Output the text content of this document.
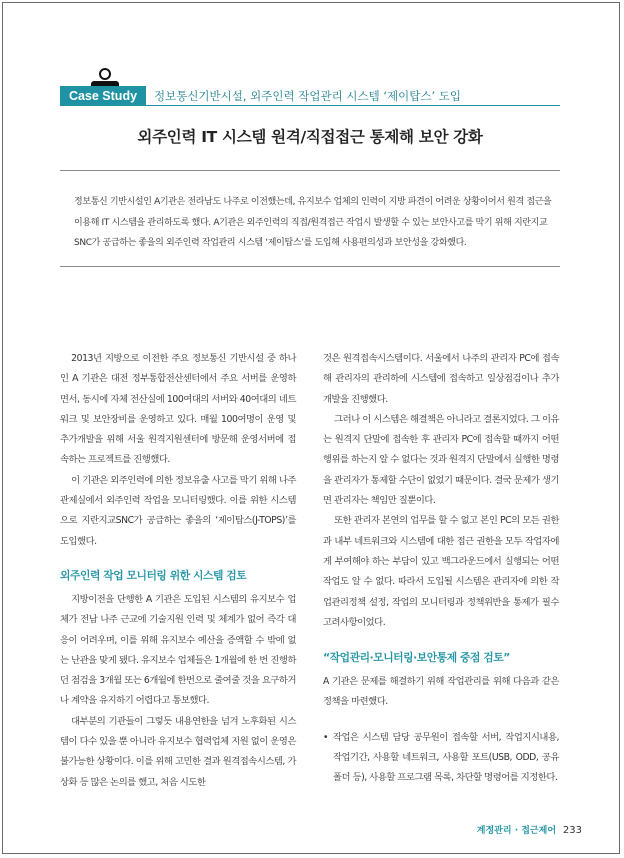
Case Study	정보통신기반시설, 외주인력 작업관리 시스템 ‘제이탑스’ 도입
외주인력 IT 시스템 원격/직접접근 통제해 보안 강화
정보통신 기반시설인 A기관은 전라남도 나주로 이전했는데, 유지보수 업체의 인력이 지방 파견이 어려운 상황이어서 원격 접근을 이용해 IT 시스템을 관리하도록 했다. A기관은 외주인력의 직접/원격접근 작업시 발생할 수 있는 보안사고를 막기 위해 지란지교SNC가 공급하는 좋을의 외주인력 작업관리 시스템 ‘제이탑스’를 도입해 사용편의성과 보안성을 강화했다.

2013년 지방으로 이전한 주요 정보통신 기반시설 중 하나인 A 기관은 대전 정부통합전산센터에서 주요 서버를 운영하면서, 동시에 자체 전산실에 100여대의 서버와 40여대의 네트워크 및 보안장비를 운영하고 있다. 매월 100여명이 운영 및 추가개발을 위해 서울 원격지원센터에 방문해 운영서버에 접속하는 프로젝트를 진행했다.

이 기관은 외주인력에 의한 정보유출 사고를 막기 위해 나주 관제실에서 외주인력 작업을 모니터링했다. 이를 위한 시스템으로 지란지교SNC가 공급하는 좋을의 ‘제이탑스(J-TOPS)’를 도입했다.

외주인력 작업 모니터링 위한 시스템 검토

지방이전을 단행한 A 기관은 도입된 시스템의 유지보수 업체가 전남 나주 근교에 기술지원 인력 및 체계가 없어 즉각 대응이 어려우며, 이를 위해 유지보수 예산을 증액할 수 밖에 없는 난관을 맞게 됐다. 유지보수 업체들은 1개월에 한 번 진행하던 점검을 3개월 또는 6개월에 한번으로 줄여줄 것을 요구하거나 계약을 유지하기 어렵다고 통보했다.

대부분의 기관들이 그렇듯 내용연한을 넘겨 노후화된 시스템이 다수 있을 뿐 아니라 유지보수 협력업체 지원 없이 운영은 불가능한 상황이다. 이를 위해 고민한 결과 원격접속시스템, 가상화 등 많은 논의를 했고, 처음 시도한

것은 원격접속시스템이다. 서울에서 나주의 관리자 PC에 접속해 관리자의 관리하에 시스템에 접속하고 일상점검이나 추가개발을 진행했다.

그러나 이 시스템은 해결책은 아니라고 결론지었다. 그 이유는 원격지 단말에 접속한 후 관리자 PC에 접속할 때까지 어떤 행위를 하는지 알 수 없다는 것과 원격지 단말에서 실행한 명령을 관리자가 통제할 수단이 없었기 때문이다. 결국 문제가 생기면 관리자는 책임만 질뿐이다.

또한 관리자 본연의 업무를 할 수 없고 본인 PC의 모든 권한과 내부 네트워크와 시스템에 대한 접근 권한을 모두 작업자에게 부여해야 하는 부담이 있고 백그라운드에서 실행되는 어떤 작업도 알 수 없다. 따라서 도입될 시스템은 관리자에 의한 작업관리정책 설정, 작업의 모니터링과 정책위반을 통제가 필수 고려사항이었다.

“작업관리·모니터링·보안통제 중점 검토”

A 기관은 문제를 해결하기 위해 작업관리를 위해 다음과 같은 정책을 마련했다.

• 작업은 시스템 담당 공무원이 접속할 서버, 작업지시내용, 작업기간, 사용할 네트워크, 사용할 포트(USB, ODD, 공유폴더 등), 사용할 프로그램 목록, 차단할 명령어를 지정한다.
계정관리 · 접근제어 233
